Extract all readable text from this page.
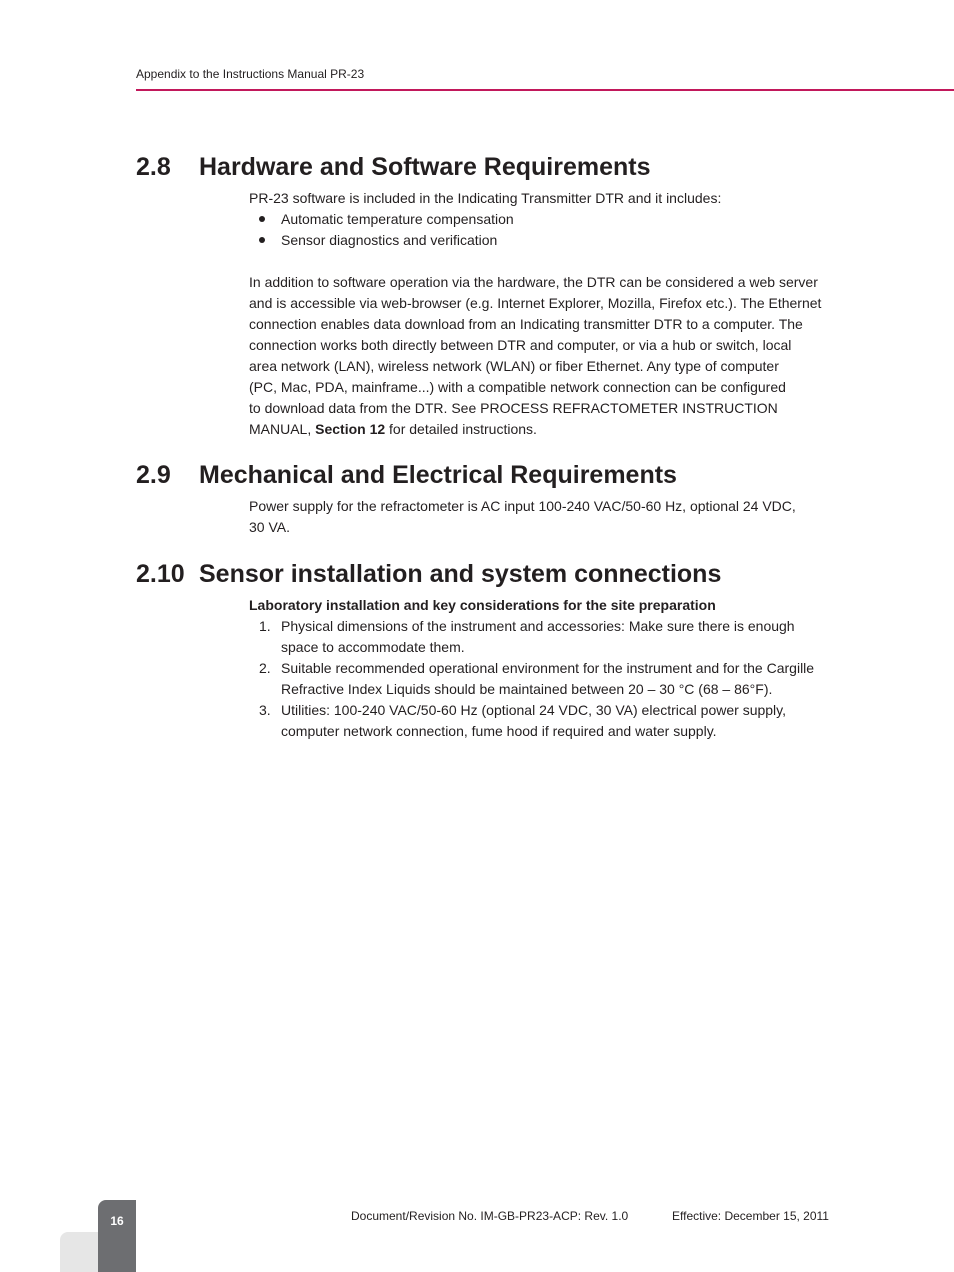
Appendix to the Instructions Manual PR-23
2.8 Hardware and Software Requirements

PR-23 software is included in the Indicating Transmitter DTR and it includes:

Automatic temperature compensation
Sensor diagnostics and verification

In addition to software operation via the hardware, the DTR can be considered a web server
and is accessible via web-browser (e.g. Internet Explorer, Mozilla, Firefox etc.). The Ethernet
connection enables data download from an Indicating transmitter DTR to a computer. The
connection works both directly between DTR and computer, or via a hub or switch, local
area network (LAN), wireless network (WLAN) or fiber Ethernet. Any type of computer
(PC, Mac, PDA, mainframe...) with a compatible network connection can be configured
to download data from the DTR. See PROCESS REFRACTOMETER INSTRUCTION
MANUAL, Section 12 for detailed instructions.

2.9 Mechanical and Electrical Requirements

Power supply for the refractometer is AC input 100-240 VAC/50-60 Hz, optional 24 VDC,
30 VA.

2.10 Sensor installation and system connections

Laboratory installation and key considerations for the site preparation

1. Physical dimensions of the instrument and accessories: Make sure there is enough
space to accommodate them.
2. Suitable recommended operational environment for the instrument and for the Cargille
Refractive Index Liquids should be maintained between 20 – 30 °C (68 – 86°F).
3. Utilities: 100-240 VAC/50-60 Hz (optional 24 VDC, 30 VA) electrical power supply,
computer network connection, fume hood if required and water supply.
16	Document/Revision No. IM-GB-PR23-ACP: Rev. 1.0	Effective: December 15, 2011
